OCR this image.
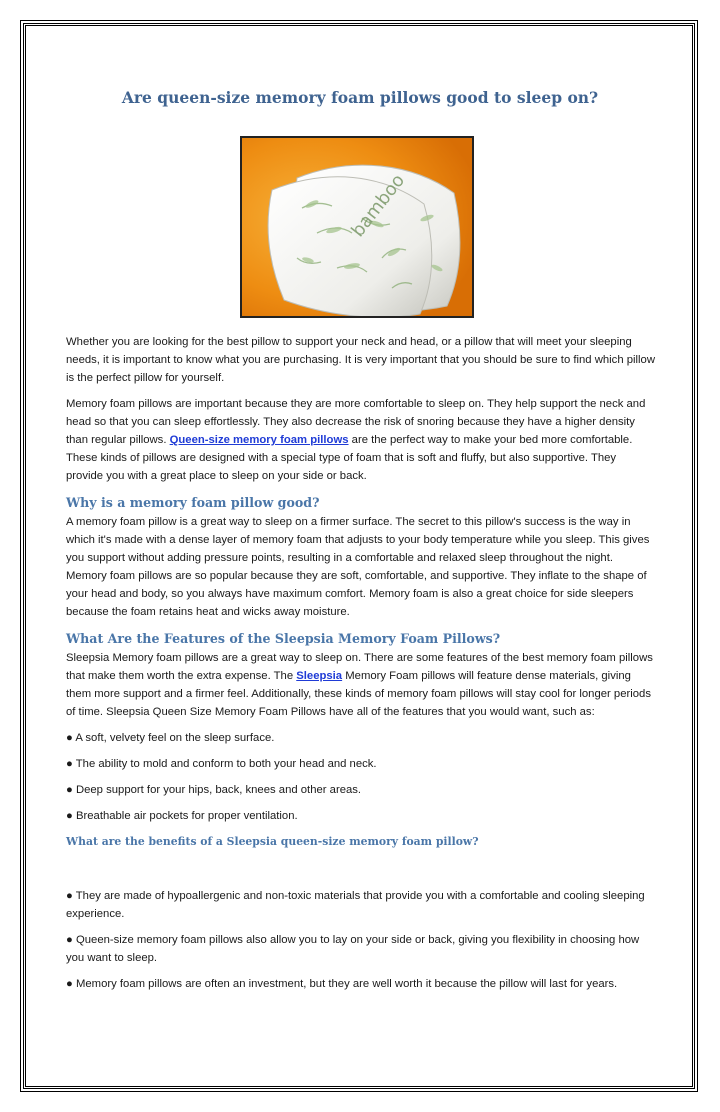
Are queen-size memory foam pillows good to sleep on?
bamboo

Whether you are looking for the best pillow to support your neck and head, or a pillow that will meet your sleeping needs, it is important to know what you are purchasing. It is very important that you should be sure to find which pillow is the perfect pillow for yourself.

Memory foam pillows are important because they are more comfortable to sleep on. They help support the neck and head so that you can sleep effortlessly. They also decrease the risk of snoring because they have a higher density than regular pillows. Queen-size memory foam pillows are the perfect way to make your bed more comfortable. These kinds of pillows are designed with a special type of foam that is soft and fluffy, but also supportive. They provide you with a great place to sleep on your side or back.

Why is a memory foam pillow good?

A memory foam pillow is a great way to sleep on a firmer surface. The secret to this pillow's success is the way in which it's made with a dense layer of memory foam that adjusts to your body temperature while you sleep. This gives you support without adding pressure points, resulting in a comfortable and relaxed sleep throughout the night. Memory foam pillows are so popular because they are soft, comfortable, and supportive. They inflate to the shape of your head and body, so you always have maximum comfort. Memory foam is also a great choice for side sleepers because the foam retains heat and wicks away moisture.

What Are the Features of the Sleepsia Memory Foam Pillows?

Sleepsia Memory foam pillows are a great way to sleep on. There are some features of the best memory foam pillows that make them worth the extra expense. The Sleepsia Memory Foam pillows will feature dense materials, giving them more support and a firmer feel. Additionally, these kinds of memory foam pillows will stay cool for longer periods of time. Sleepsia Queen Size Memory Foam Pillows have all of the features that you would want, such as:

● A soft, velvety feel on the sleep surface.

● The ability to mold and conform to both your head and neck.

● Deep support for your hips, back, knees and other areas.

● Breathable air pockets for proper ventilation.

What are the benefits of a Sleepsia queen-size memory foam pillow?

● They are made of hypoallergenic and non-toxic materials that provide you with a comfortable and cooling sleeping experience.

● Queen-size memory foam pillows also allow you to lay on your side or back, giving you flexibility in choosing how you want to sleep.

● Memory foam pillows are often an investment, but they are well worth it because the pillow will last for years.
